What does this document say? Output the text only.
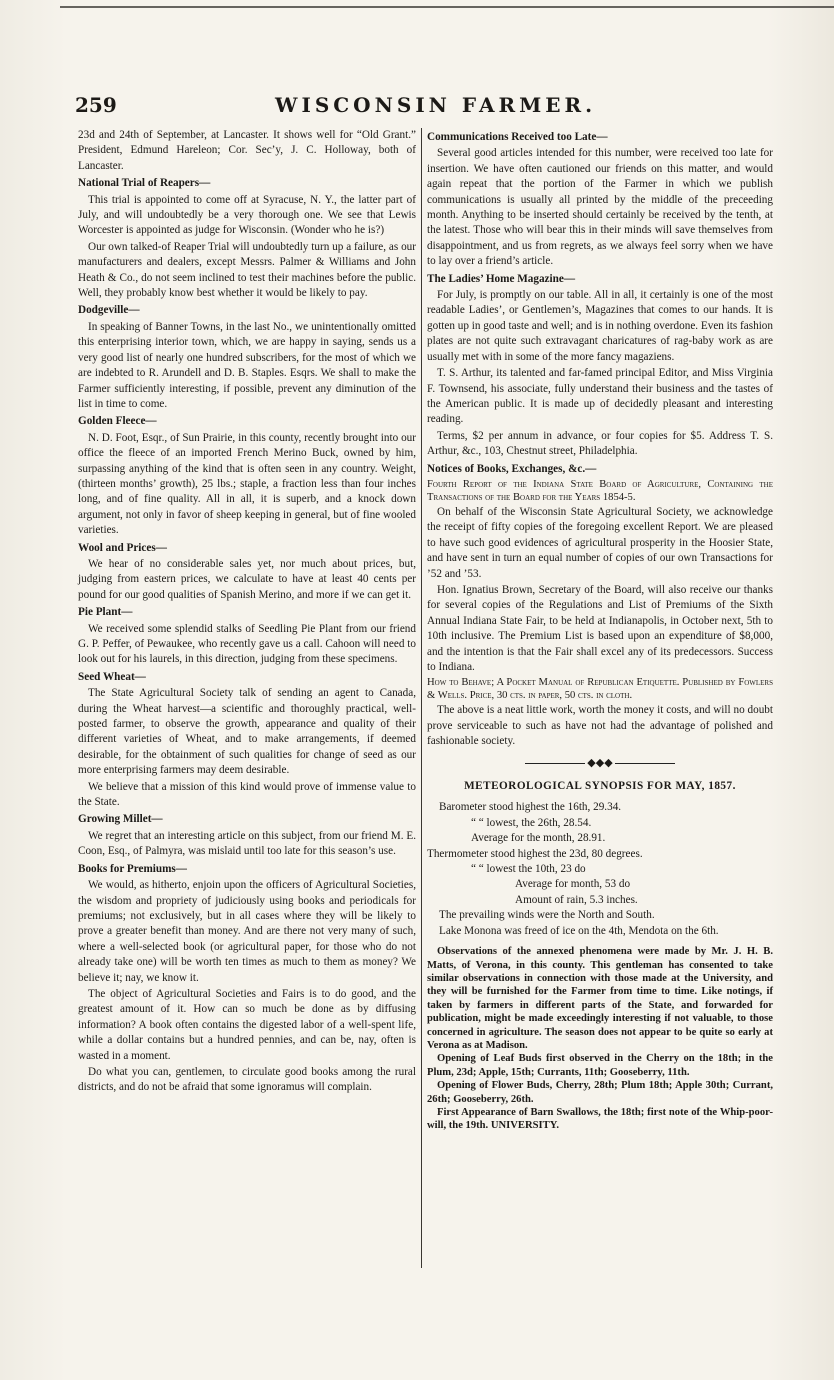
259	WISCONSIN FARMER.

23d and 24th of September, at Lancaster. It shows well for “Old Grant.” President, Edmund Hareleon; Cor. Sec’y, J. C. Holloway, both of Lancaster.

National Trial of Reapers—

This trial is appointed to come off at Syracuse, N. Y., the latter part of July, and will undoubtedly be a very thorough one. We see that Lewis Worcester is appointed as judge for Wisconsin. (Wonder who he is?)

Our own talked-of Reaper Trial will undoubtedly turn up a failure, as our manufacturers and dealers, except Messrs. Palmer & Williams and John Heath & Co., do not seem inclined to test their machines before the public. Well, they probably know best whether it would be likely to pay.

Dodgeville—

In speaking of Banner Towns, in the last No., we unintentionally omitted this enterprising interior town, which, we are happy in saying, sends us a very good list of nearly one hundred subscribers, for the most of which we are indebted to R. Arundell and D. B. Staples. Esqrs. We shall to make the Farmer sufficiently interesting, if possible, prevent any diminution of the list in time to come.

Golden Fleece—

N. D. Foot, Esqr., of Sun Prairie, in this county, recently brought into our office the fleece of an imported French Merino Buck, owned by him, surpassing anything of the kind that is often seen in any country. Weight, (thirteen months’ growth), 25 lbs.; staple, a fraction less than four inches long, and of fine quality. All in all, it is superb, and a knock down argument, not only in favor of sheep keeping in general, but of fine wooled varieties.

Wool and Prices—

We hear of no considerable sales yet, nor much about prices, but, judging from eastern prices, we calculate to have at least 40 cents per pound for our good qualities of Spanish Merino, and more if we can get it.

Pie Plant—

We received some splendid stalks of Seedling Pie Plant from our friend G. P. Peffer, of Pewaukee, who recently gave us a call. Cahoon will need to look out for his laurels, in this direction, judging from these specimens.

Seed Wheat—

The State Agricultural Society talk of sending an agent to Canada, during the Wheat harvest—a scientific and thoroughly practical, well-posted farmer, to observe the growth, appearance and quality of their different varieties of Wheat, and to make arrangements, if deemed desirable, for the obtainment of such qualities for change of seed as our more enterprising farmers may deem desirable.

We believe that a mission of this kind would prove of immense value to the State.

Growing Millet—

We regret that an interesting article on this subject, from our friend M. E. Coon, Esq., of Palmyra, was mislaid until too late for this season’s use.

Books for Premiums—

We would, as hitherto, enjoin upon the officers of Agricultural Societies, the wisdom and propriety of judiciously using books and periodicals for premiums; not exclusively, but in all cases where they will be likely to prove a greater benefit than money. And are there not very many of such, where a well-selected book (or agricultural paper, for those who do not already take one) will be worth ten times as much to them as money? We believe it; nay, we know it.

The object of Agricultural Societies and Fairs is to do good, and the greatest amount of it. How can so much be done as by diffusing information? A book often contains the digested labor of a well-spent life, while a dollar contains but a hundred pennies, and can be, nay, often is wasted in a moment.

Do what you can, gentlemen, to circulate good books among the rural districts, and do not be afraid that some ignoramus will complain.

Communications Received too Late—

Several good articles intended for this number, were received too late for insertion. We have often cautioned our friends on this matter, and would again repeat that the portion of the Farmer in which we publish communications is usually all printed by the middle of the preceeding month. Anything to be inserted should certainly be received by the tenth, at the latest. Those who will bear this in their minds will save themselves from disappointment, and us from regrets, as we always feel sorry when we have to lay over a friend’s article.

The Ladies’ Home Magazine—

For July, is promptly on our table. All in all, it certainly is one of the most readable Ladies’, or Gentlemen’s, Magazines that comes to our hands. It is gotten up in good taste and well; and is in nothing overdone. Even its fashion plates are not quite such extravagant charicatures of rag-baby work as are usually met with in some of the more fancy magaziens.

T. S. Arthur, its talented and far-famed principal Editor, and Miss Virginia F. Townsend, his associate, fully understand their business and the tastes of the American public. It is made up of decidedly pleasant and interesting reading.

Terms, $2 per annum in advance, or four copies for $5. Address T. S. Arthur, &c., 103, Chestnut street, Philadelphia.

Notices of Books, Exchanges, &c.—

Fourth Report of the Indiana State Board of Agriculture, Containing the Transactions of the Board for the Years 1854-5.

On behalf of the Wisconsin State Agricultural Society, we acknowledge the receipt of fifty copies of the foregoing excellent Report. We are pleased to have such good evidences of agricultural prosperity in the Hoosier State, and have sent in turn an equal number of copies of our own Transactions for ’52 and ’53.

Hon. Ignatius Brown, Secretary of the Board, will also receive our thanks for several copies of the Regulations and List of Premiums of the Sixth Annual Indiana State Fair, to be held at Indianapolis, in October next, 5th to 10th inclusive. The Premium List is based upon an expenditure of $8,000, and the intention is that the Fair shall excel any of its predecessors. Success to Indiana.

How to Behave; A Pocket Manual of Republican Etiquette. Published by Fowlers & Wells. Price, 30 cts. in paper, 50 cts. in cloth.

The above is a neat little work, worth the money it costs, and will no doubt prove serviceable to such as have not had the advantage of polished and fashionable society.

◆◆◆
METEOROLOGICAL SYNOPSIS FOR MAY, 1857.

Barometer stood highest the 16th, 29.34.

“ “ lowest, the 26th, 28.54.

Average for the month, 28.91.

Thermometer stood highest the 23d, 80 degrees.

“ “ lowest the 10th, 23 do

Average for month, 53 do

Amount of rain, 5.3 inches.

The prevailing winds were the North and South.

Lake Monona was freed of ice on the 4th, Mendota on the 6th.

Observations of the annexed phenomena were made by Mr. J. H. B. Matts, of Verona, in this county. This gentleman has consented to take similar observations in connection with those made at the University, and they will be furnished for the Farmer from time to time. Like notings, if taken by farmers in different parts of the State, and forwarded for publication, might be made exceedingly interesting if not valuable, to those concerned in agriculture. The season does not appear to be quite so early at Verona as at Madison.

Opening of Leaf Buds first observed in the Cherry on the 18th; in the Plum, 23d; Apple, 15th; Currants, 11th; Gooseberry, 11th.

Opening of Flower Buds, Cherry, 28th; Plum 18th; Apple 30th; Currant, 26th; Gooseberry, 26th.

First Appearance of Barn Swallows, the 18th; first note of the Whip-poor-will, the 19th. UNIVERSITY.
